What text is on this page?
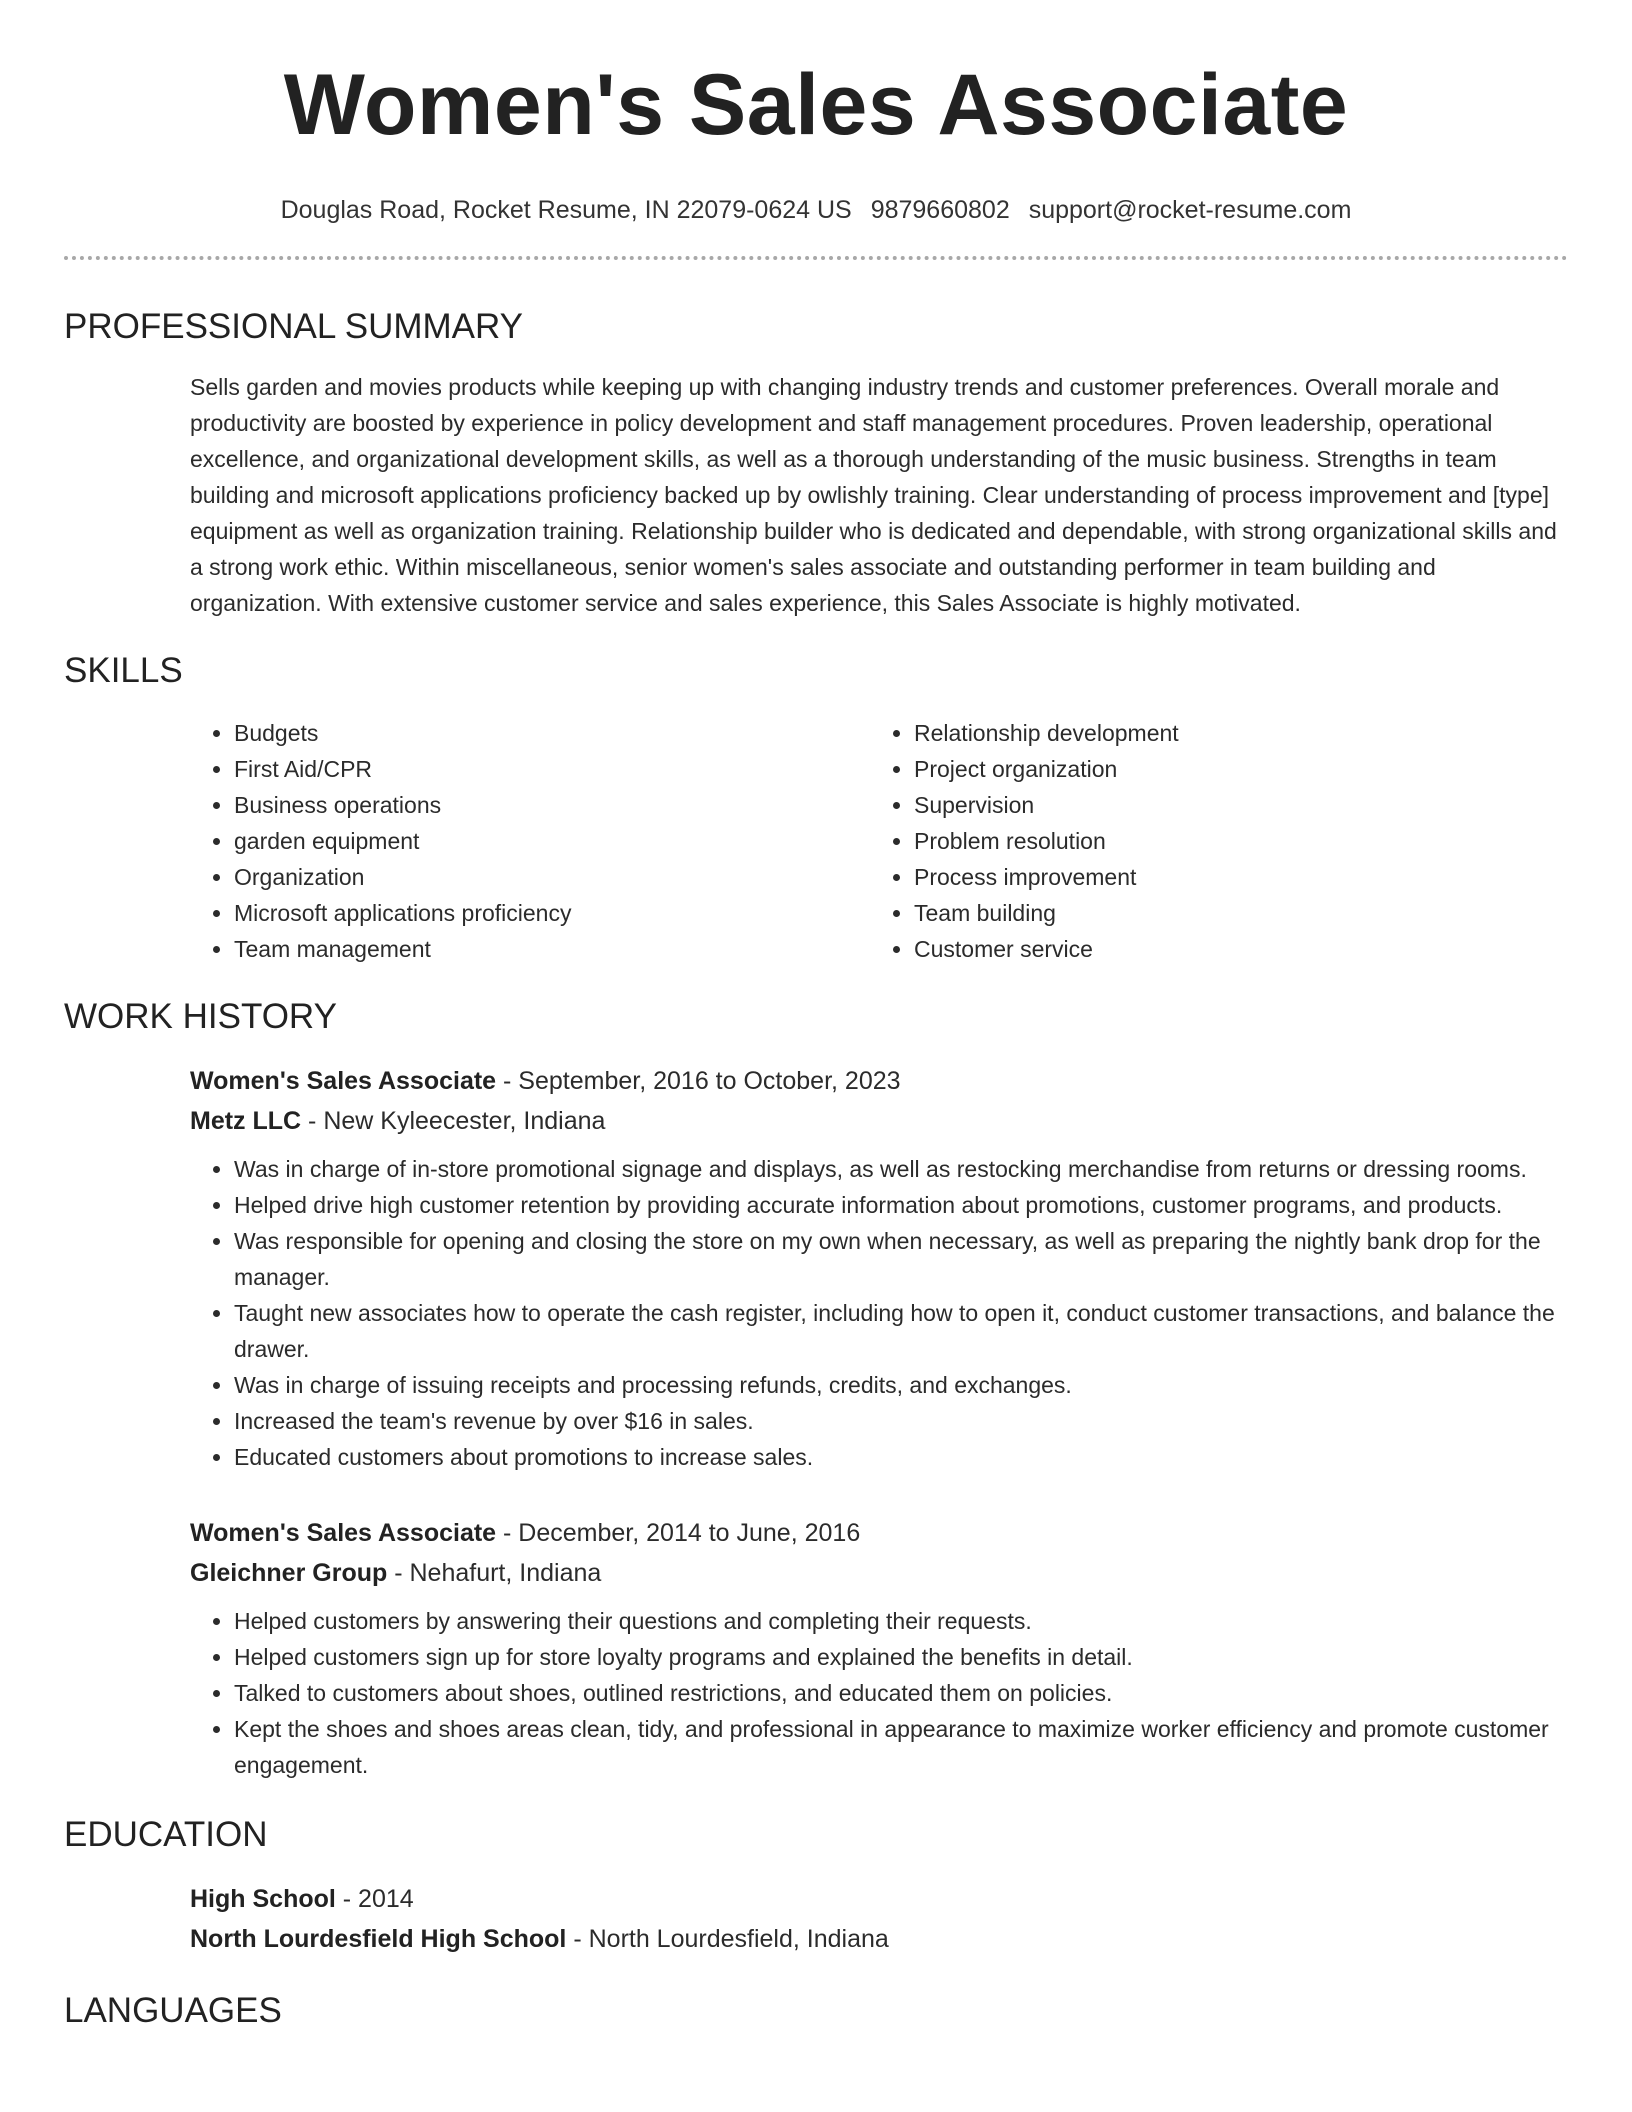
Women's Sales Associate
Douglas Road, Rocket Resume, IN 22079-0624 US 9879660802 support@rocket-resume.com
PROFESSIONAL SUMMARY
Sells garden and movies products while keeping up with changing industry trends and customer preferences. Overall morale and productivity are boosted by experience in policy development and staff management procedures. Proven leadership, operational excellence, and organizational development skills, as well as a thorough understanding of the music business. Strengths in team building and microsoft applications proficiency backed up by owlishly training. Clear understanding of process improvement and [type] equipment as well as organization training. Relationship builder who is dedicated and dependable, with strong organizational skills and a strong work ethic. Within miscellaneous, senior women's sales associate and outstanding performer in team building and organization. With extensive customer service and sales experience, this Sales Associate is highly motivated.
SKILLS
• Budgets
• First Aid/CPR
• Business operations
• garden equipment
• Organization
• Microsoft applications proficiency
• Team management
• Relationship development
• Project organization
• Supervision
• Problem resolution
• Process improvement
• Team building
• Customer service
WORK HISTORY
Women's Sales Associate - September, 2016 to October, 2023
Metz LLC - New Kyleecester, Indiana
• Was in charge of in-store promotional signage and displays, as well as restocking merchandise from returns or dressing rooms.
• Helped drive high customer retention by providing accurate information about promotions, customer programs, and products.
• Was responsible for opening and closing the store on my own when necessary, as well as preparing the nightly bank drop for the manager.
• Taught new associates how to operate the cash register, including how to open it, conduct customer transactions, and balance the drawer.
• Was in charge of issuing receipts and processing refunds, credits, and exchanges.
• Increased the team's revenue by over $16 in sales.
• Educated customers about promotions to increase sales.
Women's Sales Associate - December, 2014 to June, 2016
Gleichner Group - Nehafurt, Indiana
• Helped customers by answering their questions and completing their requests.
• Helped customers sign up for store loyalty programs and explained the benefits in detail.
• Talked to customers about shoes, outlined restrictions, and educated them on policies.
• Kept the shoes and shoes areas clean, tidy, and professional in appearance to maximize worker efficiency and promote customer engagement.
EDUCATION
High School - 2014
North Lourdesfield High School - North Lourdesfield, Indiana
LANGUAGES
